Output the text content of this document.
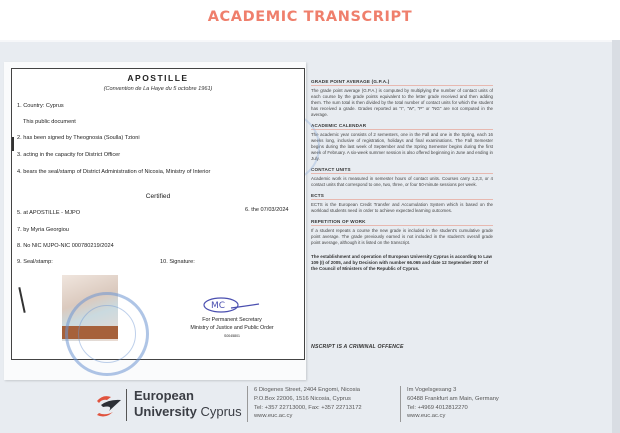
ACADEMIC TRANSCRIPT
GRADE POINT AVERAGE (G.P.A.)

The grade point average (G.P.A.) is computed by multiplying the number of contact units of each course by the grade points equivalent to the letter grade received and then adding them. The sum total is then divided by the total number of contact units for which the student has received a grade. Grades reported as "I", "W", "P" or "NG" are not computed in the average.

ACADEMIC CALENDAR

The academic year consists of 2 semesters, one in the Fall and one in the Spring, each 16 weeks long, inclusive of registration, holidays and final examinations. The Fall Semester begins during the last week of September and the Spring Semester begins during the first week of February. A six-week summer session is also offered beginning in June and ending in July.

CONTACT UNITS

Academic work is measured in semester hours of contact units. Courses carry 1,2,3, or 4 contact units that correspond to one, two, three, or four 50-minute sessions per week.

ECTS

ECTS is the European Credit Transfer and Accumulation System which is based on the workload students need in order to achieve expected learning outcomes.

REPETITION OF WORK

If a student repeats a course the new grade is included in the student's cumulative grade point average. The grade previously earned is not included in the student's overall grade point average, although it is listed on the transcript.

The establishment and operation of European University Cyprus is according to Law 109 (I) of 2005, and by Decision with number 66.065 and date 12 September 2007 of the Council of Ministers of the Republic of Cyprus.
NSCRIPT IS A CRIMINAL OFFENCE
APOSTILLE
(Convention de La Haye du 5 octobre 1961)
1. Country: Cyprus
This public document
2. has been signed by Theognosia (Soulla) Tzioni
3. acting in the capacity for District Officer
4. bears the seal/stamp of District Administration of Nicosia, Ministry of Interior
Certified
5. at APOSTILLE - MJPO	6. the 07/03/2024
7. by Myria Georgiou
8. No NIC MJPO-NIC 000780219/2024
9. Seal/stamp:	10. Signature:
For Permanent Secretary
Ministry of Justice and Public Order
S0045801
MC
European
University Cyprus
6 Diogenes Street, 2404 Engomi, Nicosia
P.O.Box 22006, 1516 Nicosia, Cyprus
Tel: +357 22713000, Fax: +357 22713172
www.euc.ac.cy
Im Vogelsgesang 3
60488 Frankfurt am Main, Germany
Tel: +4969 4012812270
www.euc.ac.cy
